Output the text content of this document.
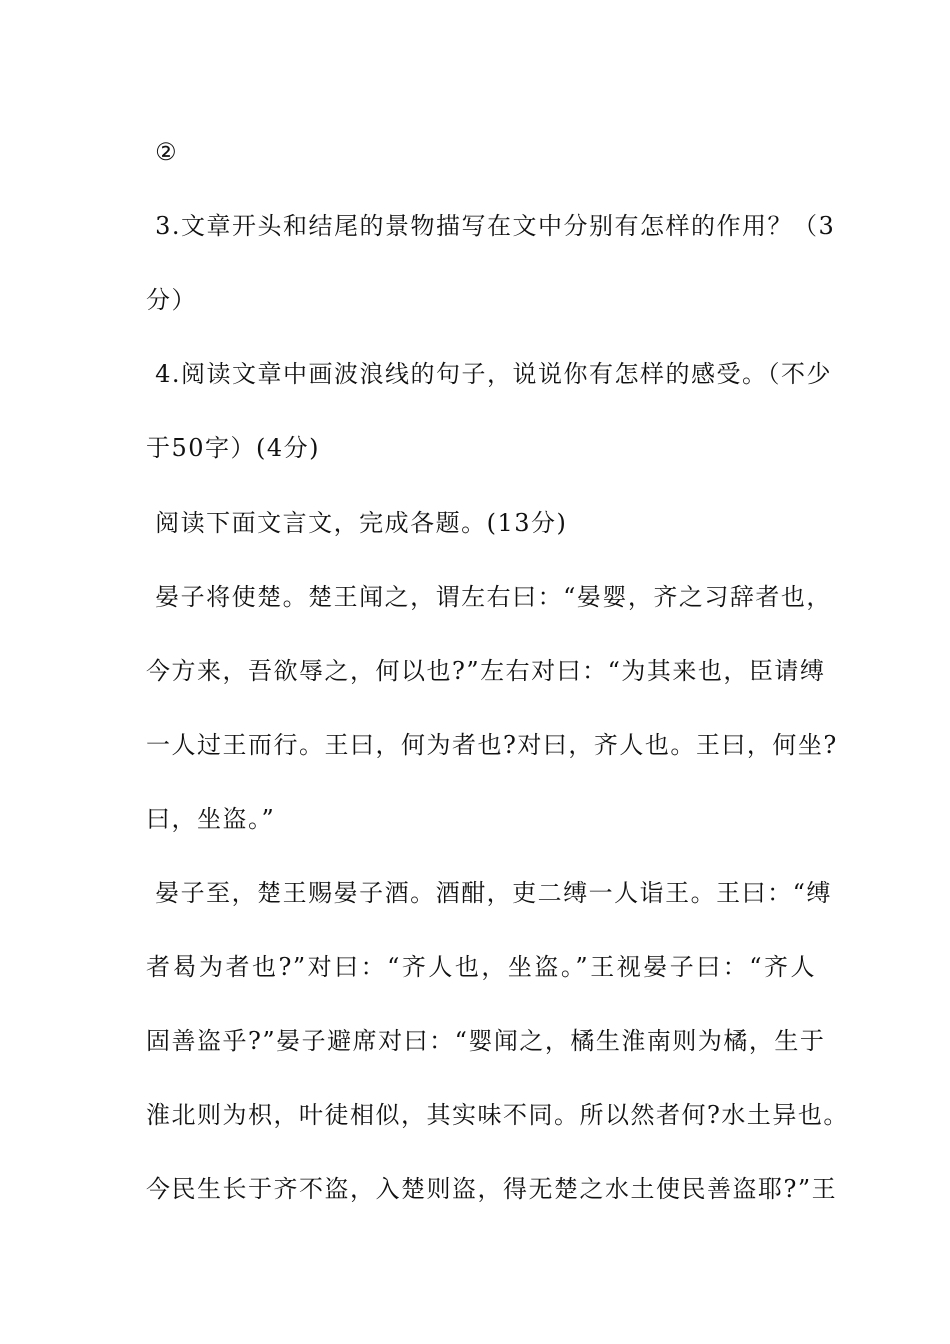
②
3.文章开头和结尾的景物描写在文中分别有怎样的作用？（3
分）
4.阅读文章中画波浪线的句子，说说你有怎样的感受。（不少
于50字）(4分)
阅读下面文言文，完成各题。(13分)
晏子将使楚。楚王闻之，谓左右曰：“晏婴，齐之习辞者也，
今方来，吾欲辱之，何以也?”左右对曰：“为其来也，臣请缚
一人过王而行。王曰，何为者也?对曰，齐人也。王曰，何坐?
曰，坐盗。”
晏子至，楚王赐晏子酒。酒酣，吏二缚一人诣王。王曰：“缚
者曷为者也?”对曰：“齐人也，坐盗。”王视晏子曰：“齐人
固善盗乎?”晏子避席对曰：“婴闻之，橘生淮南则为橘，生于
淮北则为枳，叶徒相似，其实味不同。所以然者何?水土异也。
今民生长于齐不盗，入楚则盗，得无楚之水土使民善盗耶?”王
